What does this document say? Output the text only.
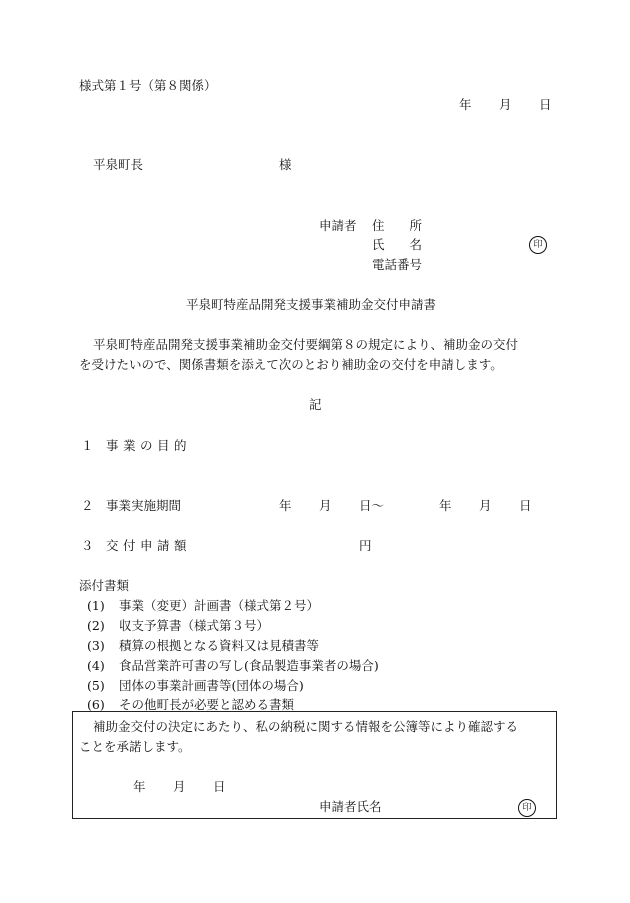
様式第１号（第８関係）
年 月 日
平泉町長	様
申請者 住　　所
氏　　名	印
電話番号
平泉町特産品開発支援事業補助金交付申請書
平泉町特産品開発支援事業補助金交付要綱第８の規定により、補助金の交付
を受けたいので、関係書類を添えて次のとおり補助金の交付を申請します。
記
１ 事業の目的
２ 事業実施期間	年 月 日〜	年 月 日
３ 交付申請額	円
添付書類
(1) 事業（変更）計画書（様式第２号）
(2) 収支予算書（様式第３号）
(3) 積算の根拠となる資料又は見積書等
(4) 食品営業許可書の写し(食品製造事業者の場合)
(5) 団体の事業計画書等(団体の場合)
(6) その他町長が必要と認める書類
補助金交付の決定にあたり、私の納税に関する情報を公簿等により確認する
ことを承諾します。
年 月 日
申請者氏名	印
